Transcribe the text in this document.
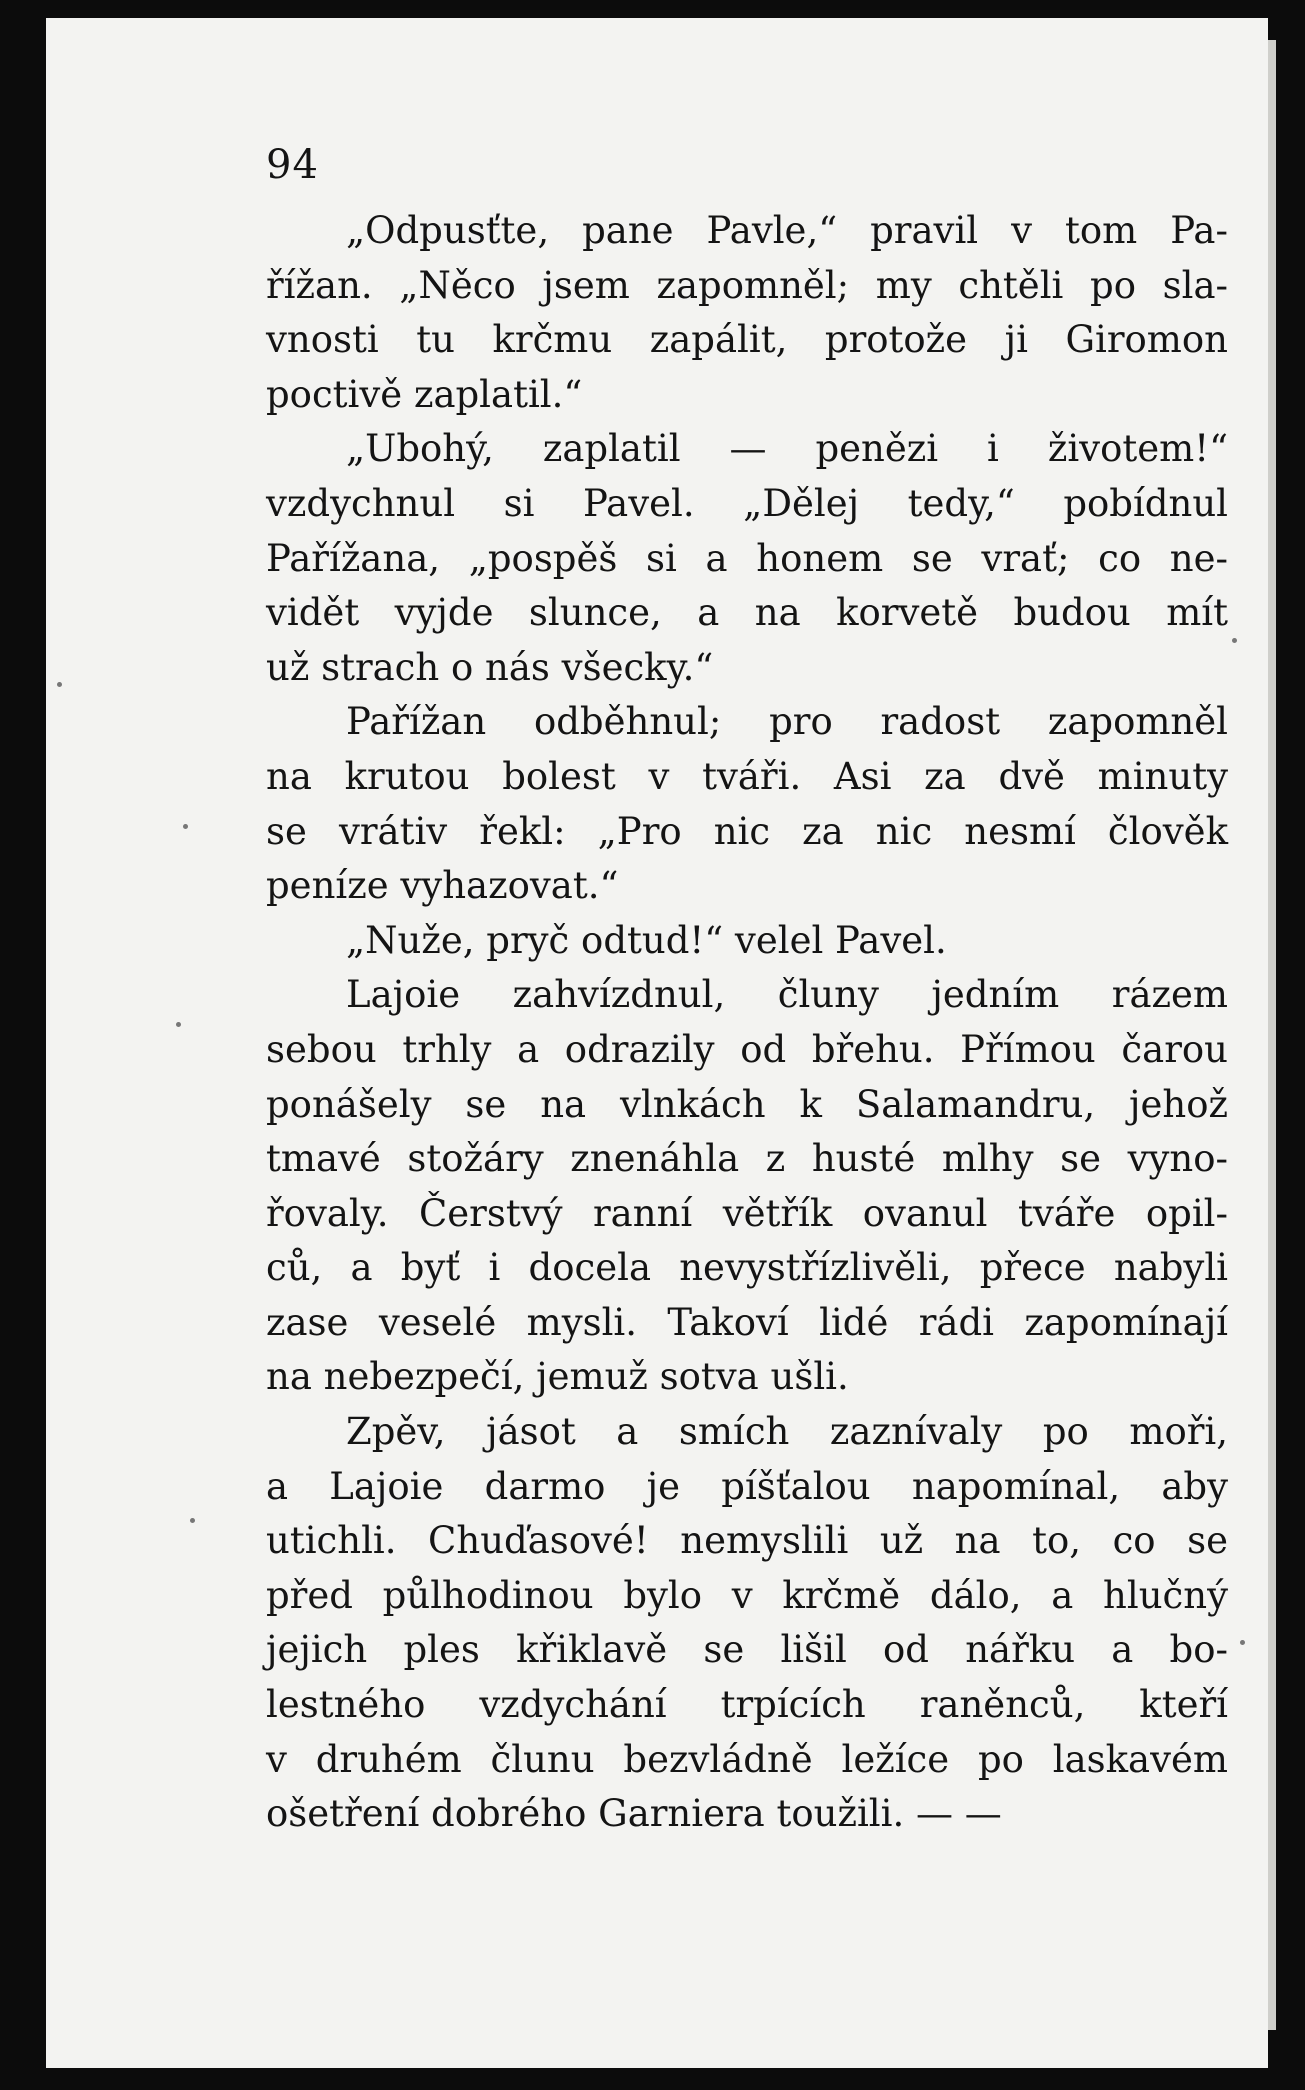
94
„Odpusťte, pane Pavle,“ pravil v tom Pa-
řížan. „Něco jsem zapomněl; my chtěli po sla-
vnosti tu krčmu zapálit, protože ji Giromon
poctivě zaplatil.“
„Ubohý, zaplatil — penězi i životem!“
vzdychnul si Pavel. „Dělej tedy,“ pobídnul
Pařížana, „pospěš si a honem se vrať; co ne-
vidět vyjde slunce, a na korvetě budou mít
už strach o nás všecky.“
Pařížan odběhnul; pro radost zapomněl
na krutou bolest v tváři. Asi za dvě minuty
se vrátiv řekl: „Pro nic za nic nesmí člověk
peníze vyhazovat.“
„Nuže, pryč odtud!“ velel Pavel.
Lajoie zahvízdnul, čluny jedním rázem
sebou trhly a odrazily od břehu. Přímou čarou
ponášely se na vlnkách k Salamandru, jehož
tmavé stožáry znenáhla z husté mlhy se vyno-
řovaly. Čerstvý ranní větřík ovanul tváře opil-
ců, a byť i docela nevystřízlivěli, přece nabyli
zase veselé mysli. Takoví lidé rádi zapomínají
na nebezpečí, jemuž sotva ušli.
Zpěv, jásot a smích zaznívaly po moři,
a Lajoie darmo je píšťalou napomínal, aby
utichli. Chuďasové! nemyslili už na to, co se
před půlhodinou bylo v krčmě dálo, a hlučný
jejich ples křiklavě se lišil od nářku a bo-
lestného vzdychání trpících raněnců, kteří
v druhém člunu bezvládně ležíce po laskavém
ošetření dobrého Garniera toužili. — —
